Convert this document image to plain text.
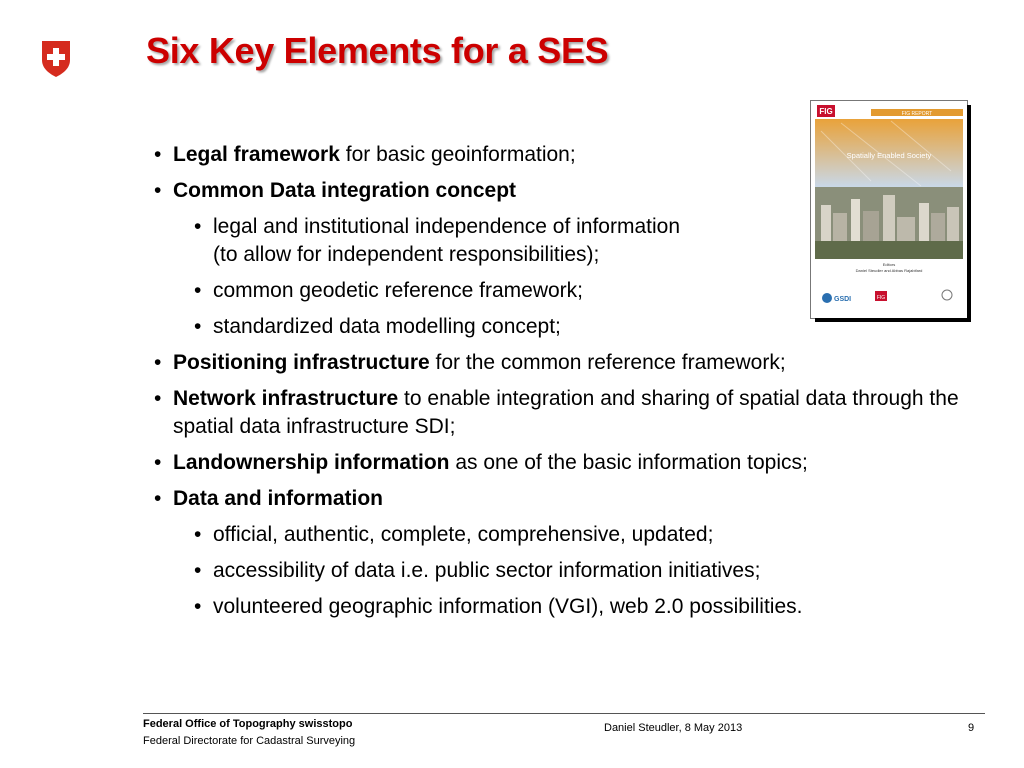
Six Key Elements for a SES
• Legal framework for basic geoinformation;
• Common Data integration concept
• legal and institutional independence of information
(to allow for independent responsibilities);
• common geodetic reference framework;
• standardized data modelling concept;
• Positioning infrastructure for the common reference framework;
• Network infrastructure to enable integration and sharing of spatial data through the spatial data infrastructure SDI;
• Landownership information as one of the basic information topics;
• Data and information
• official, authentic, complete, comprehensive, updated;
• accessibility of data i.e. public sector information initiatives;
• volunteered geographic information (VGI), web 2.0 possibilities.
FIG	FIG REPORT
Spatially Enabled Society
Editors
Daniel Steudler and Abbas Rajabifard
GSDI	FIG
Federal Office of Topography swisstopo
Federal Directorate for Cadastral Surveying
Daniel Steudler, 8 May 2013	9
